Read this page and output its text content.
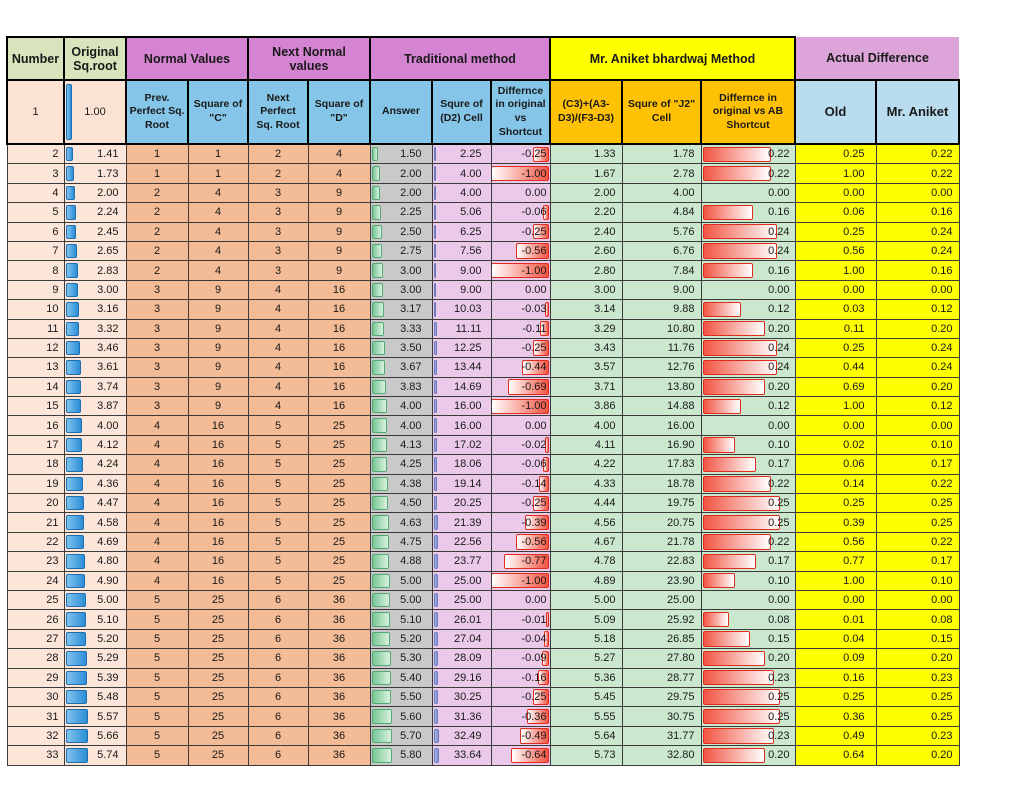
Number	Original Sq.root	Normal Values		Next Normal values		Traditional method			Mr. Aniket bhardwaj Method			Actual Difference	
1	1.00	Prev. Perfect Sq. Root	Square of "C"	Next Perfect Sq. Root	Square of "D"	Answer	Squre of (D2) Cell	Differnce in original vs Shortcut	(C3)+(A3-D3)/(F3-D3)	Squre of "J2" Cell	Differnce in original vs AB Shortcut	Old	Mr. Aniket

2	1.41	1	1	2	4	1.50	2.25	-0.25	1.33	1.78	0.22	0.25	0.22

3	1.73	1	1	2	4	2.00	4.00	-1.00	1.67	2.78	0.22	1.00	0.22

4	2.00	2	4	3	9	2.00	4.00	0.00	2.00	4.00	0.00	0.00	0.00

5	2.24	2	4	3	9	2.25	5.06	-0.06	2.20	4.84	0.16	0.06	0.16

6	2.45	2	4	3	9	2.50	6.25	-0.25	2.40	5.76	0.24	0.25	0.24

7	2.65	2	4	3	9	2.75	7.56	-0.56	2.60	6.76	0.24	0.56	0.24

8	2.83	2	4	3	9	3.00	9.00	-1.00	2.80	7.84	0.16	1.00	0.16

9	3.00	3	9	4	16	3.00	9.00	0.00	3.00	9.00	0.00	0.00	0.00

10	3.16	3	9	4	16	3.17	10.03	-0.03	3.14	9.88	0.12	0.03	0.12

11	3.32	3	9	4	16	3.33	11.11	-0.11	3.29	10.80	0.20	0.11	0.20

12	3.46	3	9	4	16	3.50	12.25	-0.25	3.43	11.76	0.24	0.25	0.24

13	3.61	3	9	4	16	3.67	13.44	-0.44	3.57	12.76	0.24	0.44	0.24

14	3.74	3	9	4	16	3.83	14.69	-0.69	3.71	13.80	0.20	0.69	0.20

15	3.87	3	9	4	16	4.00	16.00	-1.00	3.86	14.88	0.12	1.00	0.12

16	4.00	4	16	5	25	4.00	16.00	0.00	4.00	16.00	0.00	0.00	0.00

17	4.12	4	16	5	25	4.13	17.02	-0.02	4.11	16.90	0.10	0.02	0.10

18	4.24	4	16	5	25	4.25	18.06	-0.06	4.22	17.83	0.17	0.06	0.17

19	4.36	4	16	5	25	4.38	19.14	-0.14	4.33	18.78	0.22	0.14	0.22

20	4.47	4	16	5	25	4.50	20.25	-0.25	4.44	19.75	0.25	0.25	0.25

21	4.58	4	16	5	25	4.63	21.39	-0.39	4.56	20.75	0.25	0.39	0.25

22	4.69	4	16	5	25	4.75	22.56	-0.56	4.67	21.78	0.22	0.56	0.22

23	4.80	4	16	5	25	4.88	23.77	-0.77	4.78	22.83	0.17	0.77	0.17

24	4.90	4	16	5	25	5.00	25.00	-1.00	4.89	23.90	0.10	1.00	0.10

25	5.00	5	25	6	36	5.00	25.00	0.00	5.00	25.00	0.00	0.00	0.00

26	5.10	5	25	6	36	5.10	26.01	-0.01	5.09	25.92	0.08	0.01	0.08

27	5.20	5	25	6	36	5.20	27.04	-0.04	5.18	26.85	0.15	0.04	0.15

28	5.29	5	25	6	36	5.30	28.09	-0.09	5.27	27.80	0.20	0.09	0.20

29	5.39	5	25	6	36	5.40	29.16	-0.16	5.36	28.77	0.23	0.16	0.23

30	5.48	5	25	6	36	5.50	30.25	-0.25	5.45	29.75	0.25	0.25	0.25

31	5.57	5	25	6	36	5.60	31.36	-0.36	5.55	30.75	0.25	0.36	0.25

32	5.66	5	25	6	36	5.70	32.49	-0.49	5.64	31.77	0.23	0.49	0.23

33	5.74	5	25	6	36	5.80	33.64	-0.64	5.73	32.80	0.20	0.64	0.20
